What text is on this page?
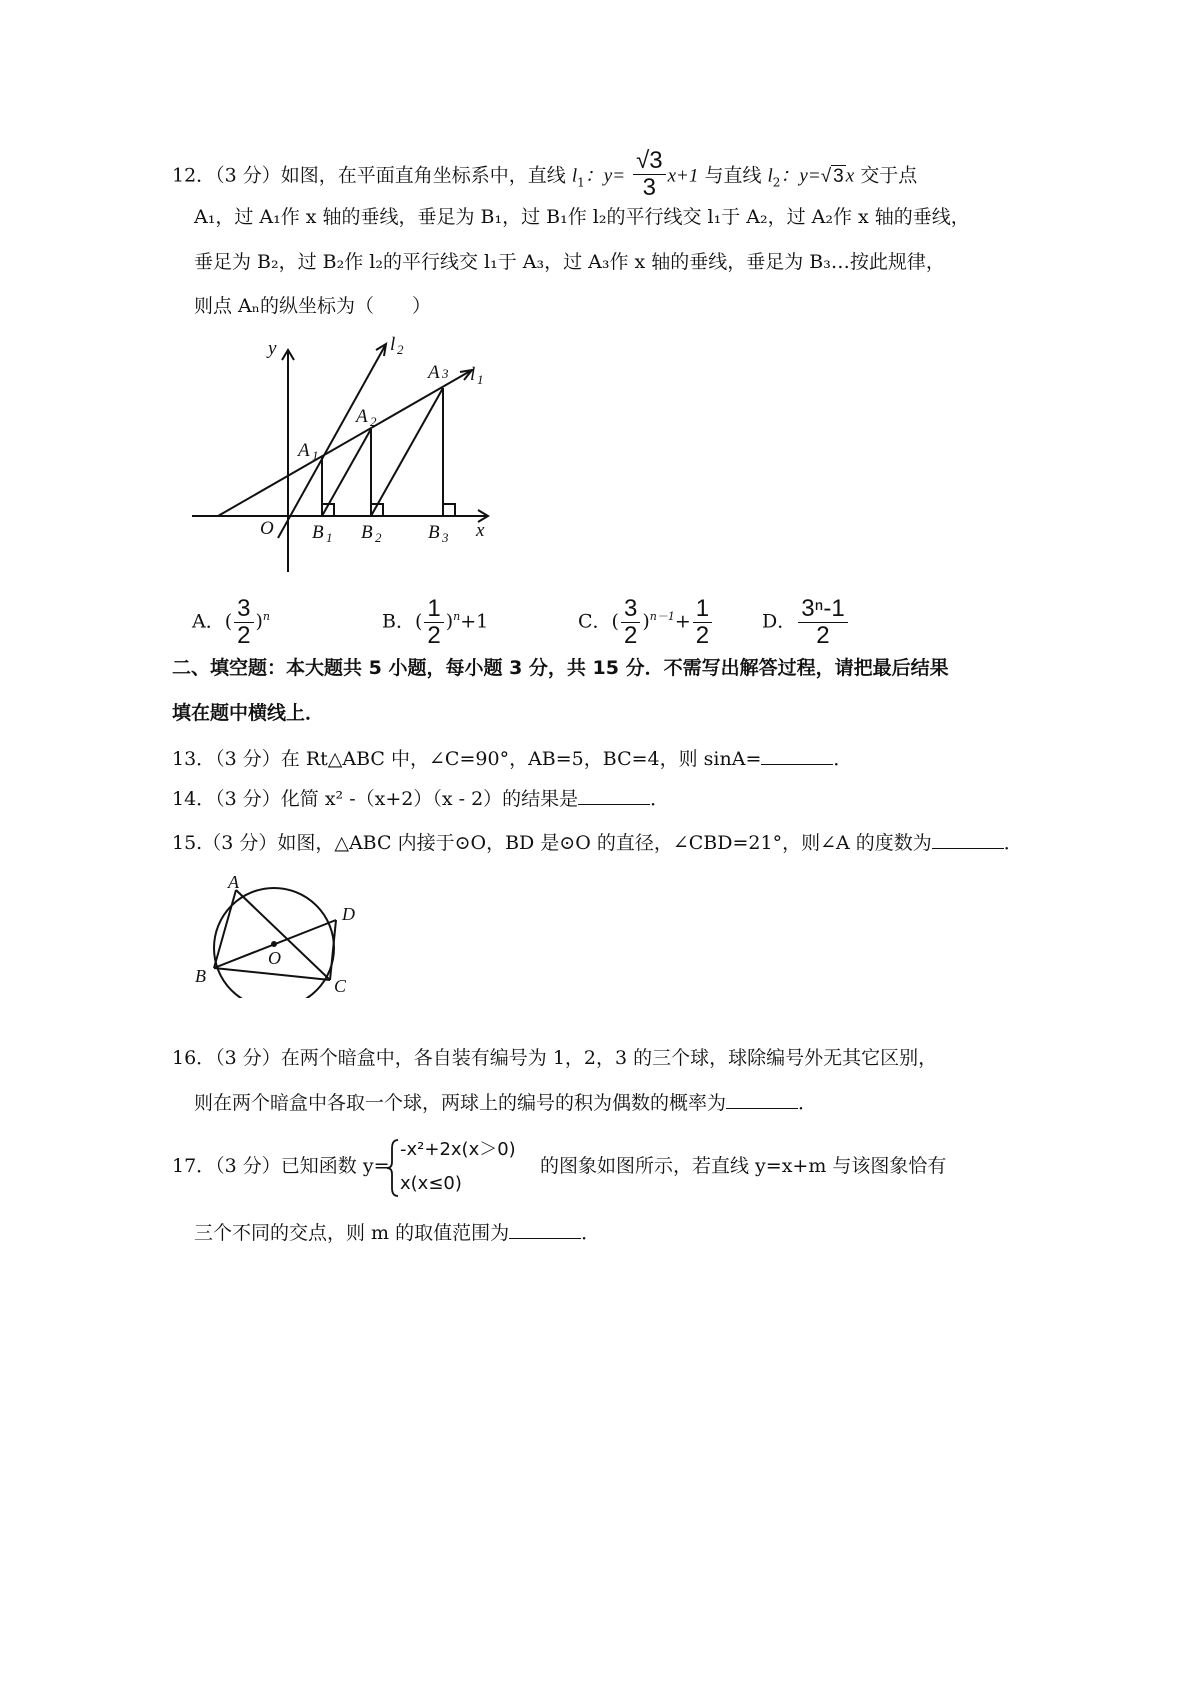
12．（3 分）如图，在平面直角坐标系中，直线 $l_1$：$y= \frac{√3}{3} x+1$ 与直线 $l_2$：y=√ 3 x 交于点
A₁，过 A₁作 x 轴的垂线，垂足为 B₁，过 B₁作 l₂的平行线交 l₁于 A₂，过 A₂作 x 轴的垂线，
垂足为 B₂，过 B₂作 l₂的平行线交 l₁于 A₃，过 A₃作 x 轴的垂线，垂足为 B₃…按此规律，
则点 Aₙ的纵坐标为（　　）
y
x
O
l 2
l 1
A 1
A 2
A 3
B 1 B 2 B 3
A．( $\frac{3}{2} )^n$	B．( $\frac{1}{2} )^n+1$	C．( $\frac{3}{2} )^{n-1}+ \frac{1}{2}$	D． $\frac{\text{3ⁿ-1}}{2}$
二、填空题：本大题共 5 小题，每小题 3 分，共 15 分．不需写出解答过程，请把最后结果
填在题中横线上．
13．（3 分）在 Rt△ABC 中，∠C=90°，AB=5，BC=4，则 sinA=	．
14．（3 分）化简 x² -（x+2）（x - 2）的结果是	．
15.（3 分）如图，△ABC 内接于⊙O，BD 是⊙O 的直径，∠CBD=21°，则∠A 的度数为	．
A
B	C
D
O
16．（3 分）在两个暗盒中，各自装有编号为 1，2，3 的三个球，球除编号外无其它区别，
则在两个暗盒中各取一个球，两球上的编号的积为偶数的概率为	．
17．（3 分）已知函数 y=
-x²+2x(x＞0)
x(x≤0)
的图象如图所示，若直线 y=x+m 与该图象恰有
三个不同的交点，则 m 的取值范围为	．
